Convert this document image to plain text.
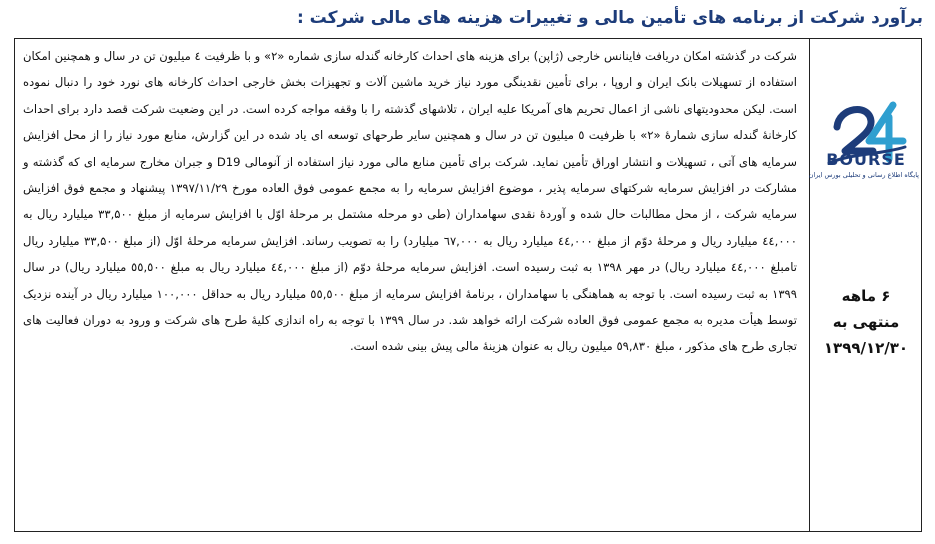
برآورد شرکت از برنامه های تأمین مالی و تغییرات هزینه های مالی شرکت :

شرکت در گذشته امکان دریافت فاینانس خارجی (ژاپن) برای هزینه های احداث کارخانه گندله سازی شماره «۲» و با ظرفیت ٤ میلیون تن در سال و همچنین امکان استفاده از تسهیلات بانک ایران و اروپا ، برای تأمین نقدینگی مورد نیاز خرید ماشین آلات و تجهیزات بخش خارجی احداث کارخانه های نورد خود را دنبال نموده است. لیکن محدودیتهای ناشی از اعمال تحریم های آمریکا علیه ایران ، تلاشهای گذشته را با وقفه مواجه کرده است. در این وضعیت شرکت قصد دارد برای احداث کارخانهٔ گندله سازی شمارهٔ «۲» با ظرفیت ٥ میلیون تن در سال و همچنین سایر طرحهای توسعه ای یاد شده در این گزارش، منابع مورد نیاز را از محل افزایش سرمایه های آتی ، تسهیلات و انتشار اوراق تأمین نماید. شرکت برای تأمین منابع مالی مورد نیاز استفاده از آنومالی D19 و جبران مخارج سرمایه ای که گذشته و مشارکت در افزایش سرمایه شرکتهای سرمایه پذیر ، موضوع افزایش سرمایه را به مجمع عمومی فوق العاده مورخ ۱۳۹۷/۱۱/۲۹ پیشنهاد و مجمع فوق افزایش سرمایه شرکت ، از محل مطالبات حال شده و آوردهٔ نقدی سهامداران (طی دو مرحله مشتمل بر مرحلهٔ اوّل با افزایش سرمایه از مبلغ ۳۳,۵۰۰ میلیارد ریال به ٤٤,۰۰۰ میلیارد ریال و مرحلهٔ دوّم از مبلغ ٤٤,۰۰۰ میلیارد ریال به ٦۷,۰۰۰ میلیارد) را به تصویب رساند. افزایش سرمایه مرحلهٔ اوّل (از مبلغ ۳۳,۵۰۰ میلیارد ریال تامبلغ ٤٤,۰۰۰ میلیارد ریال) در مهر ۱۳۹۸ به ثبت رسیده است. افزایش سرمایه مرحلهٔ دوّم (از مبلغ ٤٤,۰۰۰ میلیارد ریال به مبلغ ٥٥,٥۰۰ میلیارد ریال) در سال ۱۳۹۹ به ثبت رسیده است. با توجه به هماهنگی با سهامداران ، برنامهٔ افزایش سرمایه از مبلغ ٥٥,٥۰۰ میلیارد ریال به حداقل ۱۰۰,۰۰۰ میلیارد ریال در آینده نزدیک توسط هیأت مدیره به مجمع عمومی فوق العاده شرکت ارائه خواهد شد. در سال ۱۳۹۹ با توجه به راه اندازی کلیهٔ طرح های شرکت و ورود به دوران فعالیت های تجاری طرح های مذکور ، مبلغ ٥۹,۸۳۰ میلیون ریال به عنوان هزینهٔ مالی پیش بینی شده است.

BOURSE
پایگاه اطلاع رسانی و تحلیلی بورس ایران
۶ ماهه
منتهی به
۱۳۹۹/۱۲/۳۰
